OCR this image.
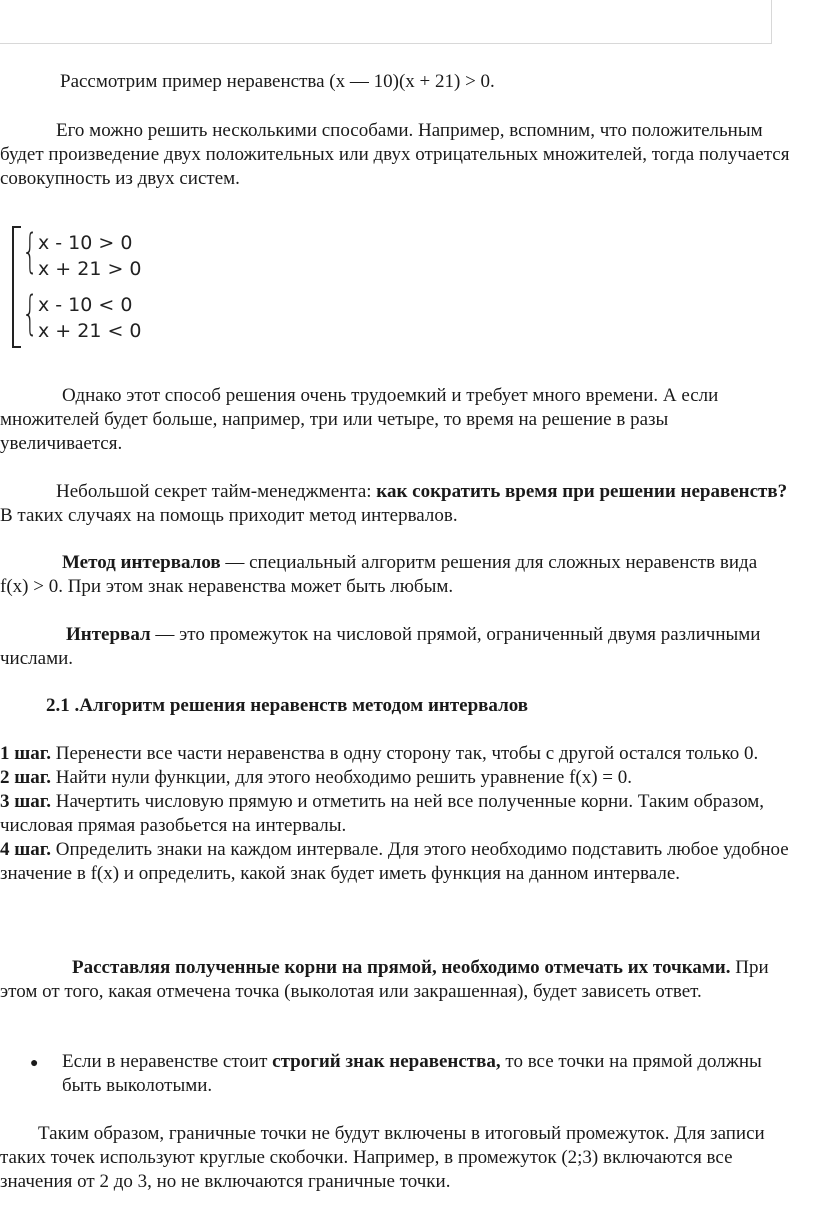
Рассмотрим пример неравенства (х — 10)(х + 21) > 0.

Его можно решить несколькими способами. Например, вспомним, что положительным будет произведение двух положительных или двух отрицательных множителей, тогда получается совокупность из двух систем.

{ x - 10 > 0
x + 21 > 0
{ x - 10 < 0
x + 21 < 0

Однако этот способ решения очень трудоемкий и требует много времени. А если множителей будет больше, например, три или четыре, то время на решение в разы увеличивается.

Небольшой секрет тайм-менеджмента: как сократить время при решении неравенств? В таких случаях на помощь приходит метод интервалов.

Метод интервалов — специальный алгоритм решения для сложных неравенств вида f(x) > 0. При этом знак неравенства может быть любым.

Интервал — это промежуток на числовой прямой, ограниченный двумя различными числами.

2.1 .Алгоритм решения неравенств методом интервалов

1 шаг. Перенести все части неравенства в одну сторону так, чтобы с другой остался только 0.

2 шаг. Найти нули функции, для этого необходимо решить уравнение f(x) = 0.

3 шаг. Начертить числовую прямую и отметить на ней все полученные корни. Таким образом, числовая прямая разобьется на интервалы.

4 шаг. Определить знаки на каждом интервале. Для этого необходимо подставить любое удобное значение в f(x) и определить, какой знак будет иметь функция на данном интервале.

Расставляя полученные корни на прямой, необходимо отмечать их точками. При этом от того, какая отмечена точка (выколотая или закрашенная), будет зависеть ответ.

● Если в неравенстве стоит строгий знак неравенства, то все точки на прямой должны быть выколотыми.

Таким образом, граничные точки не будут включены в итоговый промежуток. Для записи таких точек используют круглые скобочки. Например, в промежуток (2;3) включаются все значения от 2 до 3, но не включаются граничные точки.
